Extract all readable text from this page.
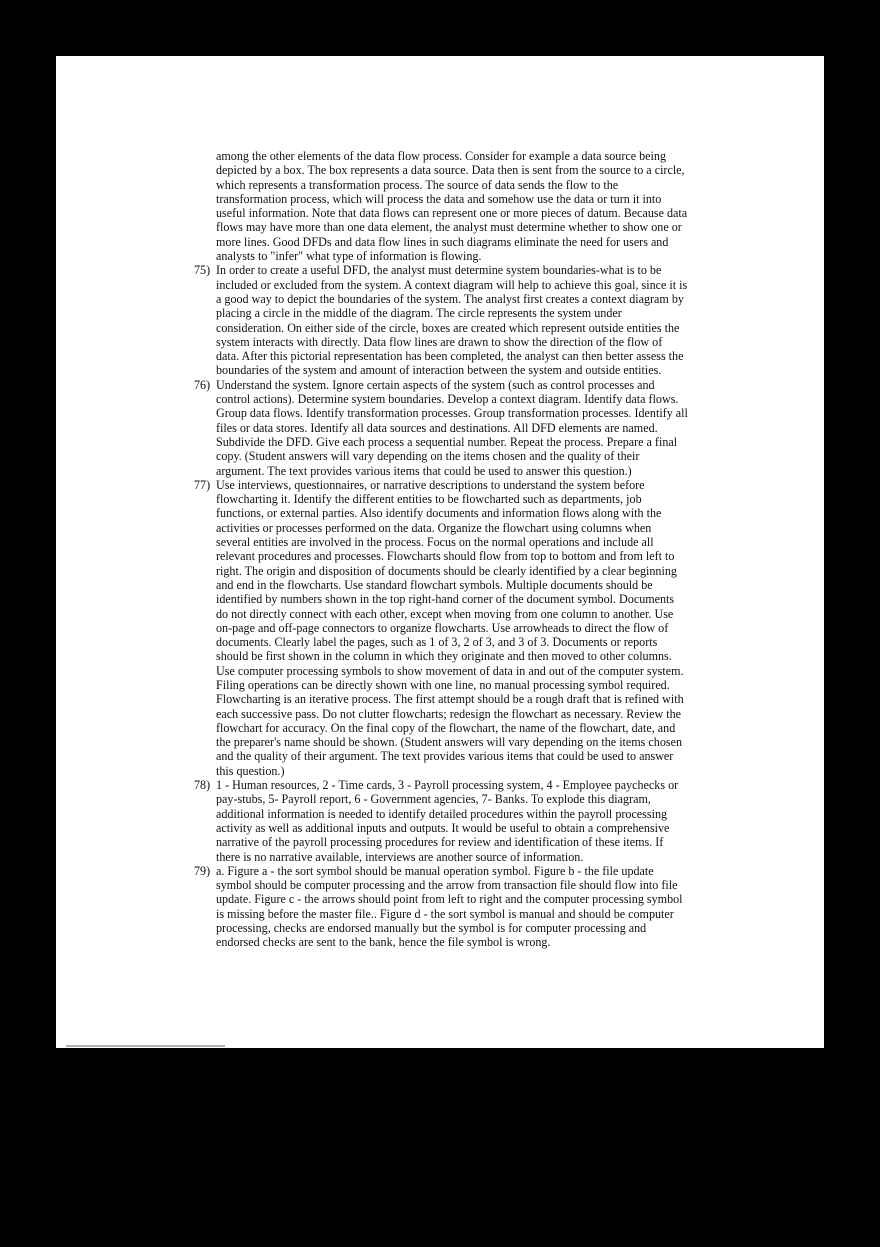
among the other elements of the data flow process. Consider for example a data source being depicted by a box. The box represents a data source. Data then is sent from the source to a circle, which represents a transformation process. The source of data sends the flow to the transformation process, which will process the data and somehow use the data or turn it into useful information. Note that data flows can represent one or more pieces of datum. Because data flows may have more than one data element, the analyst must determine whether to show one or more lines. Good DFDs and data flow lines in such diagrams eliminate the need for users and analysts to "infer" what type of information is flowing.

75) In order to create a useful DFD, the analyst must determine system boundaries-what is to be included or excluded from the system. A context diagram will help to achieve this goal, since it is a good way to depict the boundaries of the system. The analyst first creates a context diagram by placing a circle in the middle of the diagram. The circle represents the system under consideration. On either side of the circle, boxes are created which represent outside entities the system interacts with directly. Data flow lines are drawn to show the direction of the flow of data. After this pictorial representation has been completed, the analyst can then better assess the boundaries of the system and amount of interaction between the system and outside entities.

76) Understand the system. Ignore certain aspects of the system (such as control processes and control actions). Determine system boundaries. Develop a context diagram. Identify data flows. Group data flows. Identify transformation processes. Group transformation processes. Identify all files or data stores. Identify all data sources and destinations. All DFD elements are named. Subdivide the DFD. Give each process a sequential number. Repeat the process. Prepare a final copy. (Student answers will vary depending on the items chosen and the quality of their argument. The text provides various items that could be used to answer this question.)

77) Use interviews, questionnaires, or narrative descriptions to understand the system before flowcharting it. Identify the different entities to be flowcharted such as departments, job functions, or external parties. Also identify documents and information flows along with the activities or processes performed on the data. Organize the flowchart using columns when several entities are involved in the process. Focus on the normal operations and include all relevant procedures and processes. Flowcharts should flow from top to bottom and from left to right. The origin and disposition of documents should be clearly identified by a clear beginning and end in the flowcharts. Use standard flowchart symbols. Multiple documents should be identified by numbers shown in the top right-hand corner of the document symbol. Documents do not directly connect with each other, except when moving from one column to another. Use on-page and off-page connectors to organize flowcharts. Use arrowheads to direct the flow of documents. Clearly label the pages, such as 1 of 3, 2 of 3, and 3 of 3. Documents or reports should be first shown in the column in which they originate and then moved to other columns. Use computer processing symbols to show movement of data in and out of the computer system. Filing operations can be directly shown with one line, no manual processing symbol required. Flowcharting is an iterative process. The first attempt should be a rough draft that is refined with each successive pass. Do not clutter flowcharts; redesign the flowchart as necessary. Review the flowchart for accuracy. On the final copy of the flowchart, the name of the flowchart, date, and the preparer's name should be shown. (Student answers will vary depending on the items chosen and the quality of their argument. The text provides various items that could be used to answer this question.)

78) 1 - Human resources, 2 - Time cards, 3 - Payroll processing system, 4 - Employee paychecks or pay-stubs, 5- Payroll report, 6 - Government agencies, 7- Banks. To explode this diagram, additional information is needed to identify detailed procedures within the payroll processing activity as well as additional inputs and outputs. It would be useful to obtain a comprehensive narrative of the payroll processing procedures for review and identification of these items. If there is no narrative available, interviews are another source of information.

79) a. Figure a - the sort symbol should be manual operation symbol. Figure b - the file update symbol should be computer processing and the arrow from transaction file should flow into file update. Figure c - the arrows should point from left to right and the computer processing symbol is missing before the master file.. Figure d - the sort symbol is manual and should be computer processing, checks are endorsed manually but the symbol is for computer processing and endorsed checks are sent to the bank, hence the file symbol is wrong.
